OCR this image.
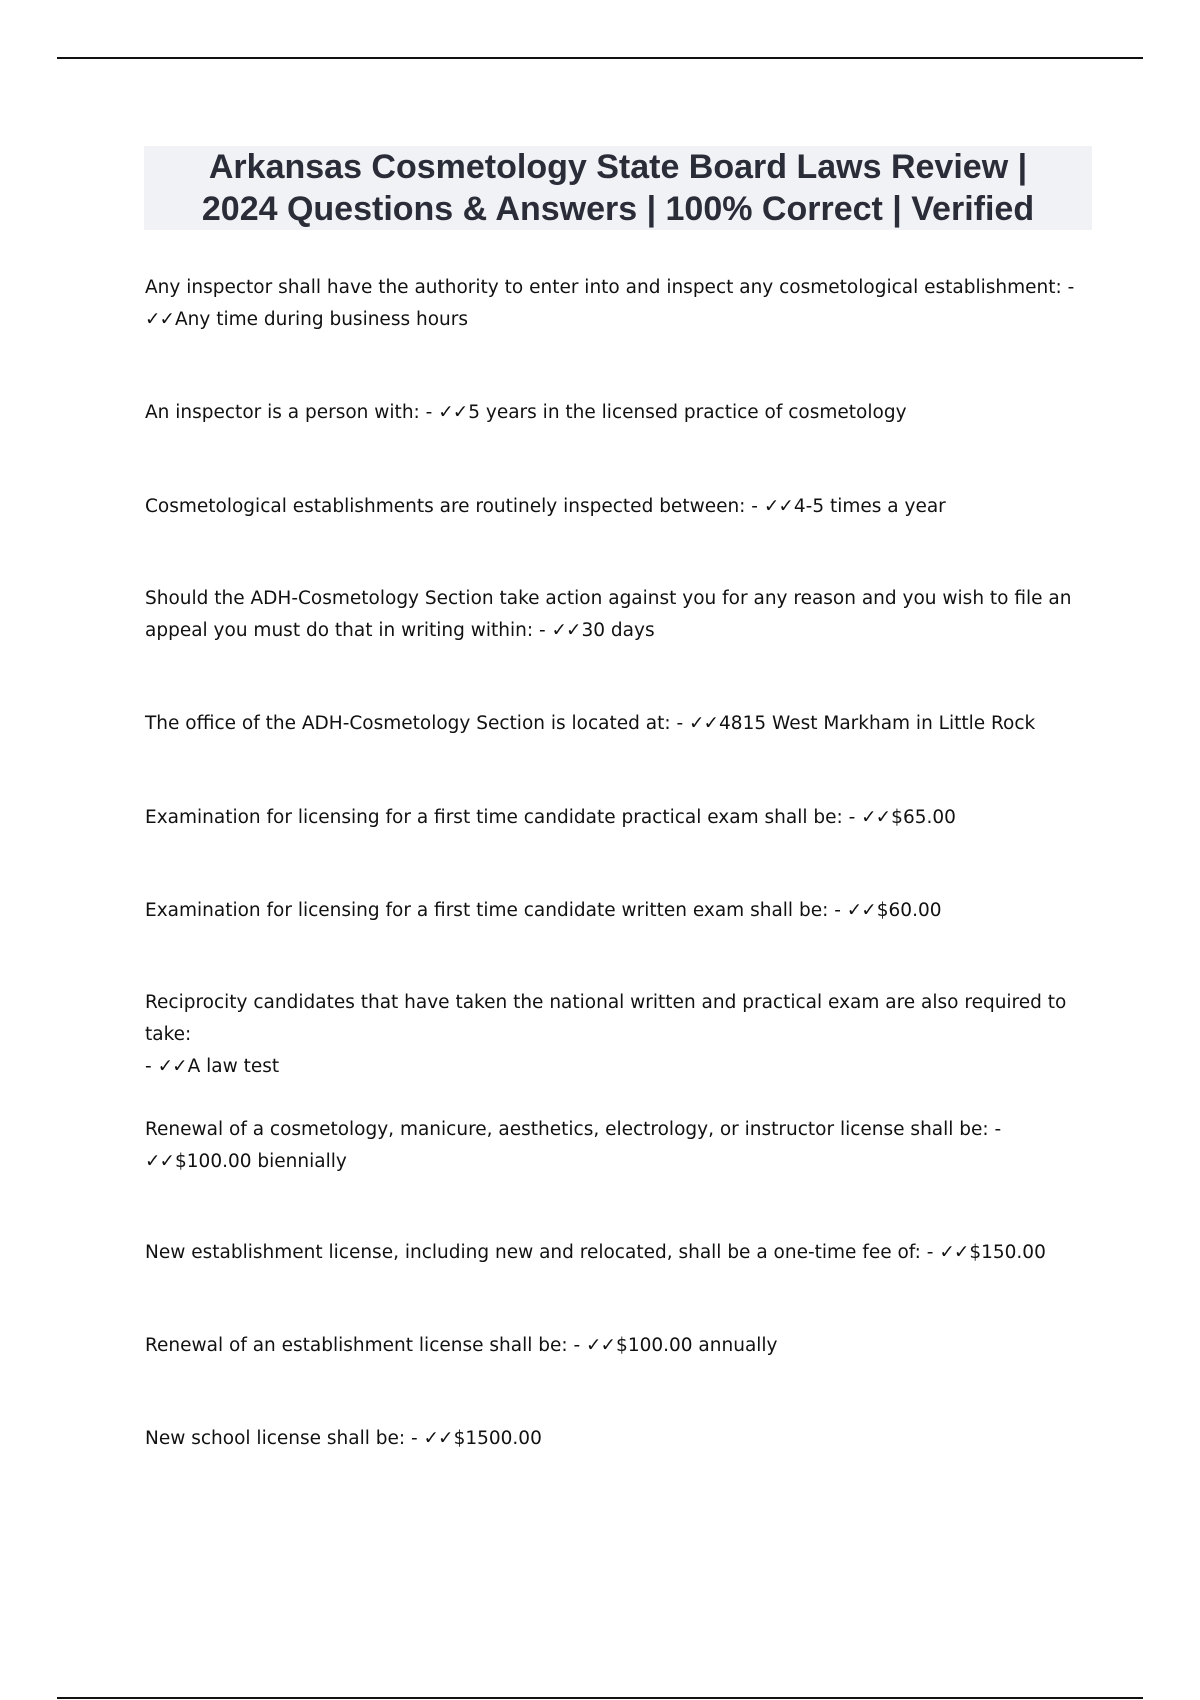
Arkansas Cosmetology State Board Laws Review |
2024 Questions & Answers | 100% Correct | Verified
Any inspector shall have the authority to enter into and inspect any cosmetological establishment: -
✓✓Any time during business hours
An inspector is a person with: - ✓✓5 years in the licensed practice of cosmetology
Cosmetological establishments are routinely inspected between: - ✓✓4-5 times a year
Should the ADH-Cosmetology Section take action against you for any reason and you wish to file an appeal you must do that in writing within: - ✓✓30 days
The office of the ADH-Cosmetology Section is located at: - ✓✓4815 West Markham in Little Rock
Examination for licensing for a first time candidate practical exam shall be: - ✓✓$65.00
Examination for licensing for a first time candidate written exam shall be: - ✓✓$60.00
Reciprocity candidates that have taken the national written and practical exam are also required to take:
- ✓✓A law test
Renewal of a cosmetology, manicure, aesthetics, electrology, or instructor license shall be: - ✓✓$100.00 biennially
New establishment license, including new and relocated, shall be a one-time fee of: - ✓✓$150.00
Renewal of an establishment license shall be: - ✓✓$100.00 annually
New school license shall be: - ✓✓$1500.00
